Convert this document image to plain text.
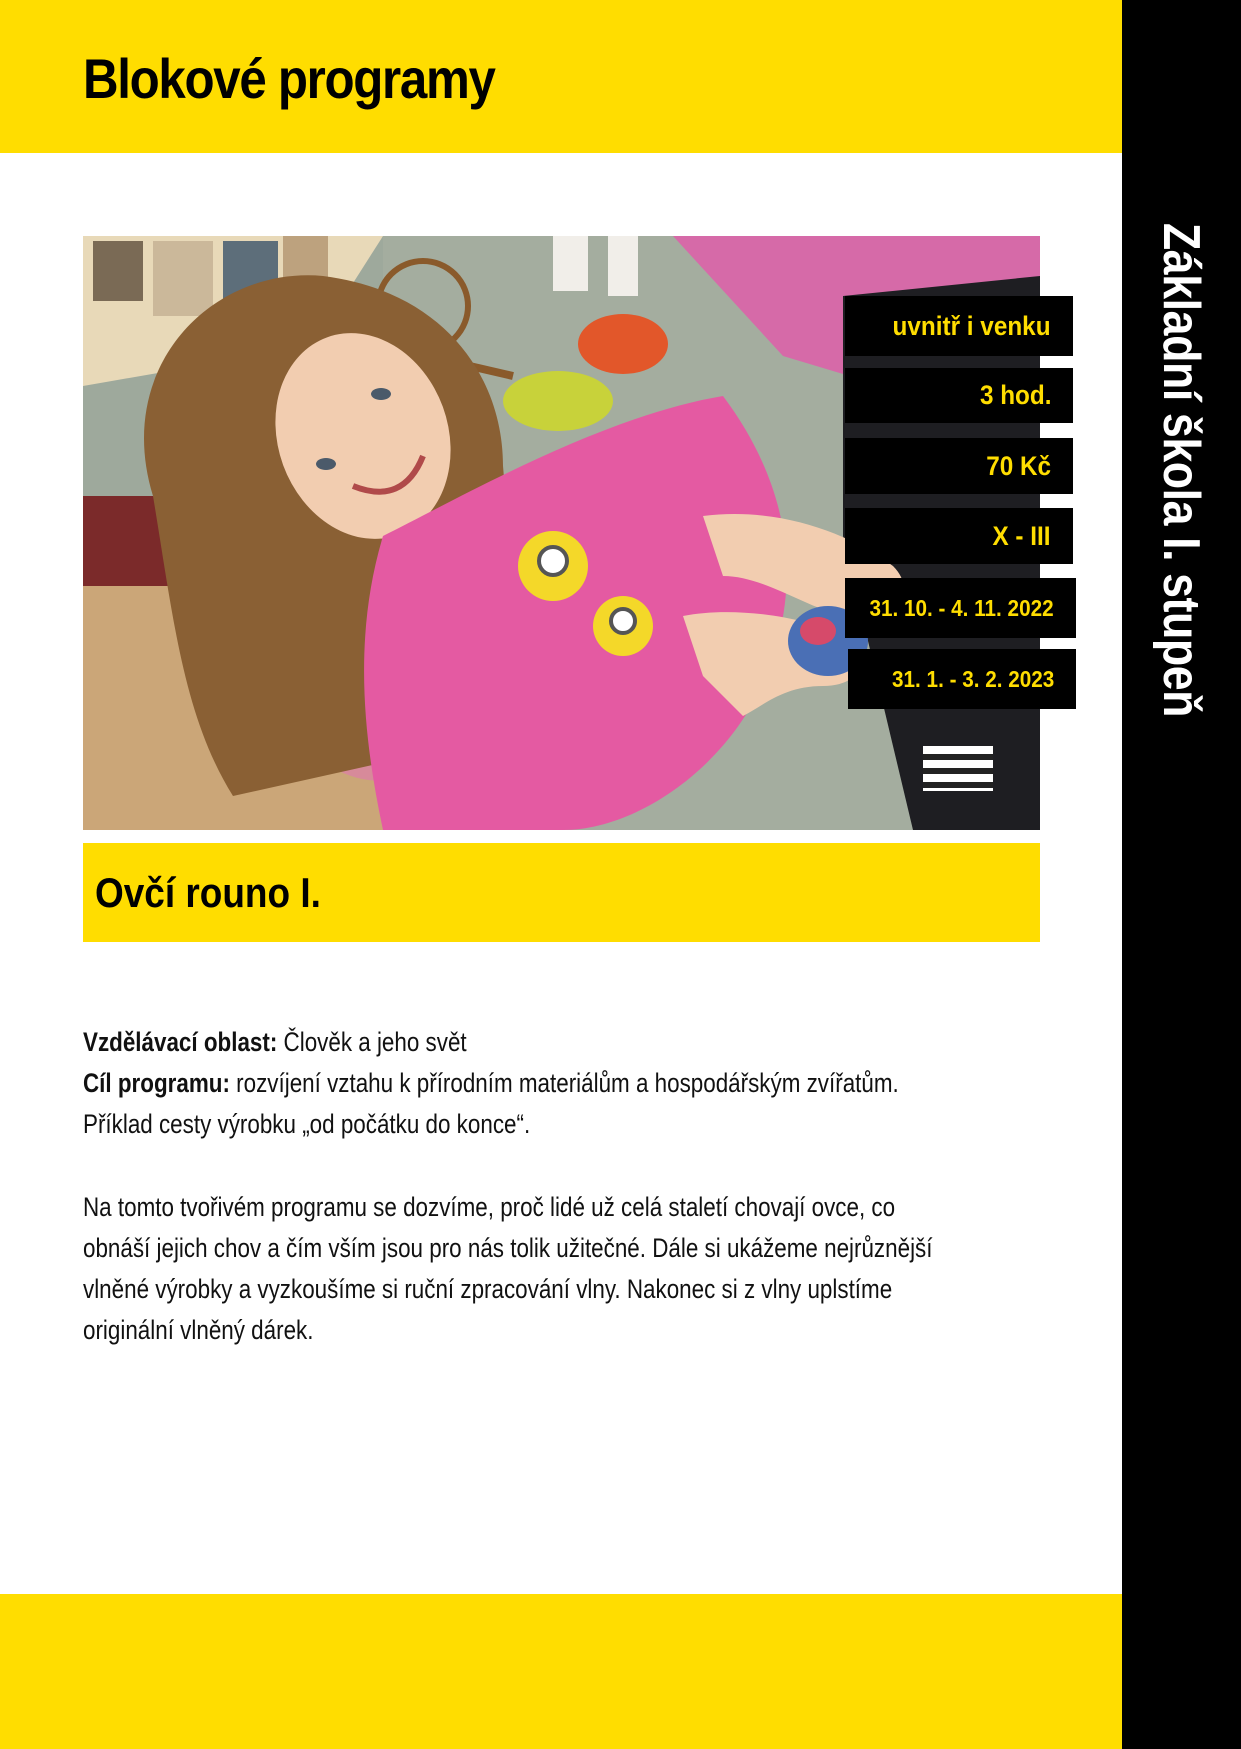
Blokové programy
Základní škola I. stupeň
uvnitř i venku
3 hod.
70 Kč
X - III
31. 10. - 4. 11. 2022
31. 1. - 3. 2. 2023
Ovčí rouno I.
Vzdělávací oblast: Člověk a jeho svět
Cíl programu: rozvíjení vztahu k přírodním materiálům a hospodářským zvířatům.
Příklad cesty výrobku „od počátku do konce“.
Na tomto tvořivém programu se dozvíme, proč lidé už celá staletí chovají ovce, co
obnáší jejich chov a čím vším jsou pro nás tolik užitečné. Dále si ukážeme nejrůznější
vlněné výrobky a vyzkoušíme si ruční zpracování vlny. Nakonec si z vlny uplstíme
originální vlněný dárek.
